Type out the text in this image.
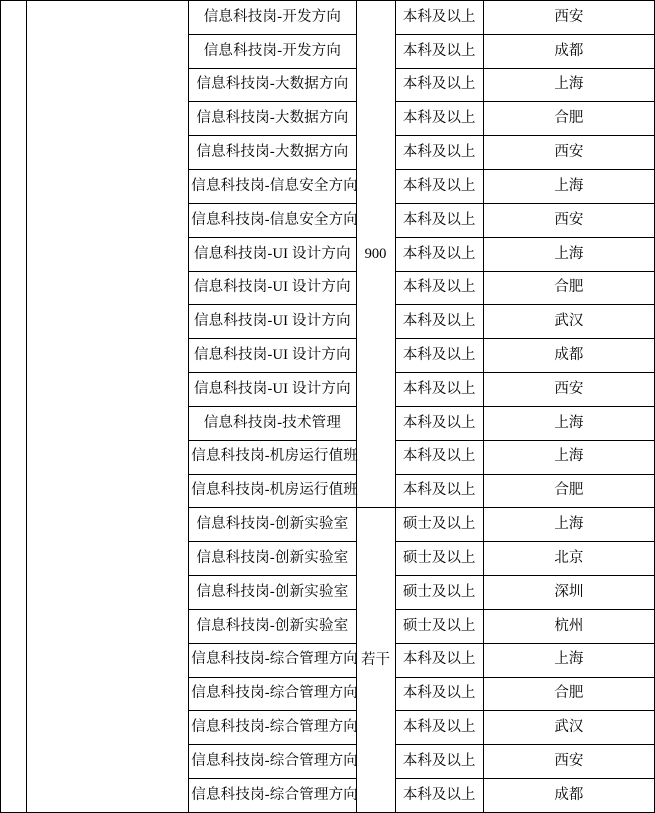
		信息科技岗-开发方向	900	本科及以上	西安

		信息科技岗-开发方向		本科及以上	成都

		信息科技岗-大数据方向		本科及以上	上海

		信息科技岗-大数据方向		本科及以上	合肥

		信息科技岗-大数据方向		本科及以上	西安

		信息科技岗-信息安全方向		本科及以上	上海

		信息科技岗-信息安全方向		本科及以上	西安

		信息科技岗-UI 设计方向		本科及以上	上海

		信息科技岗-UI 设计方向		本科及以上	合肥

		信息科技岗-UI 设计方向		本科及以上	武汉

		信息科技岗-UI 设计方向		本科及以上	成都

		信息科技岗-UI 设计方向		本科及以上	西安

		信息科技岗-技术管理		本科及以上	上海

		信息科技岗-机房运行值班		本科及以上	上海

		信息科技岗-机房运行值班		本科及以上	合肥

		信息科技岗-创新实验室	若干	硕士及以上	上海

		信息科技岗-创新实验室		硕士及以上	北京

		信息科技岗-创新实验室		硕士及以上	深圳

		信息科技岗-创新实验室		硕士及以上	杭州

		信息科技岗-综合管理方向		本科及以上	上海

		信息科技岗-综合管理方向		本科及以上	合肥

		信息科技岗-综合管理方向		本科及以上	武汉

		信息科技岗-综合管理方向		本科及以上	西安

		信息科技岗-综合管理方向		本科及以上	成都
